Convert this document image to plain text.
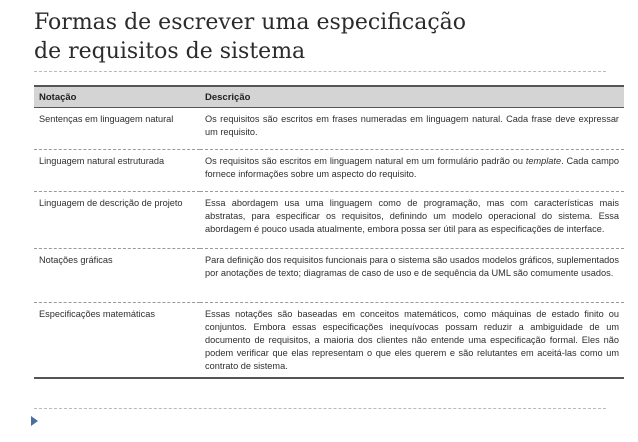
Formas de escrever uma especificação
de requisitos de sistema
Notação	Descrição
Sentenças em linguagem natural	Os requisitos são escritos em frases numeradas em linguagem natural. Cada frase deve expressar um requisito.
Linguagem natural estruturada	Os requisitos são escritos em linguagem natural em um formulário padrão ou template. Cada campo fornece informações sobre um aspecto do requisito.
Linguagem de descrição de projeto	Essa abordagem usa uma linguagem como de programação, mas com características mais abstratas, para especificar os requisitos, definindo um modelo operacional do sistema. Essa abordagem é pouco usada atualmente, embora possa ser útil para as especificações de interface.
Notações gráficas	Para definição dos requisitos funcionais para o sistema são usados modelos gráficos, suplementados por anotações de texto; diagramas de caso de uso e de sequência da UML são comumente usados.
Especificações matemáticas	Essas notações são baseadas em conceitos matemáticos, como máquinas de estado finito ou conjuntos. Embora essas especificações inequívocas possam reduzir a ambiguidade de um documento de requisitos, a maioria dos clientes não entende uma especificação formal. Eles não podem verificar que elas representam o que eles querem e são relutantes em aceitá-las como um contrato de sistema.
